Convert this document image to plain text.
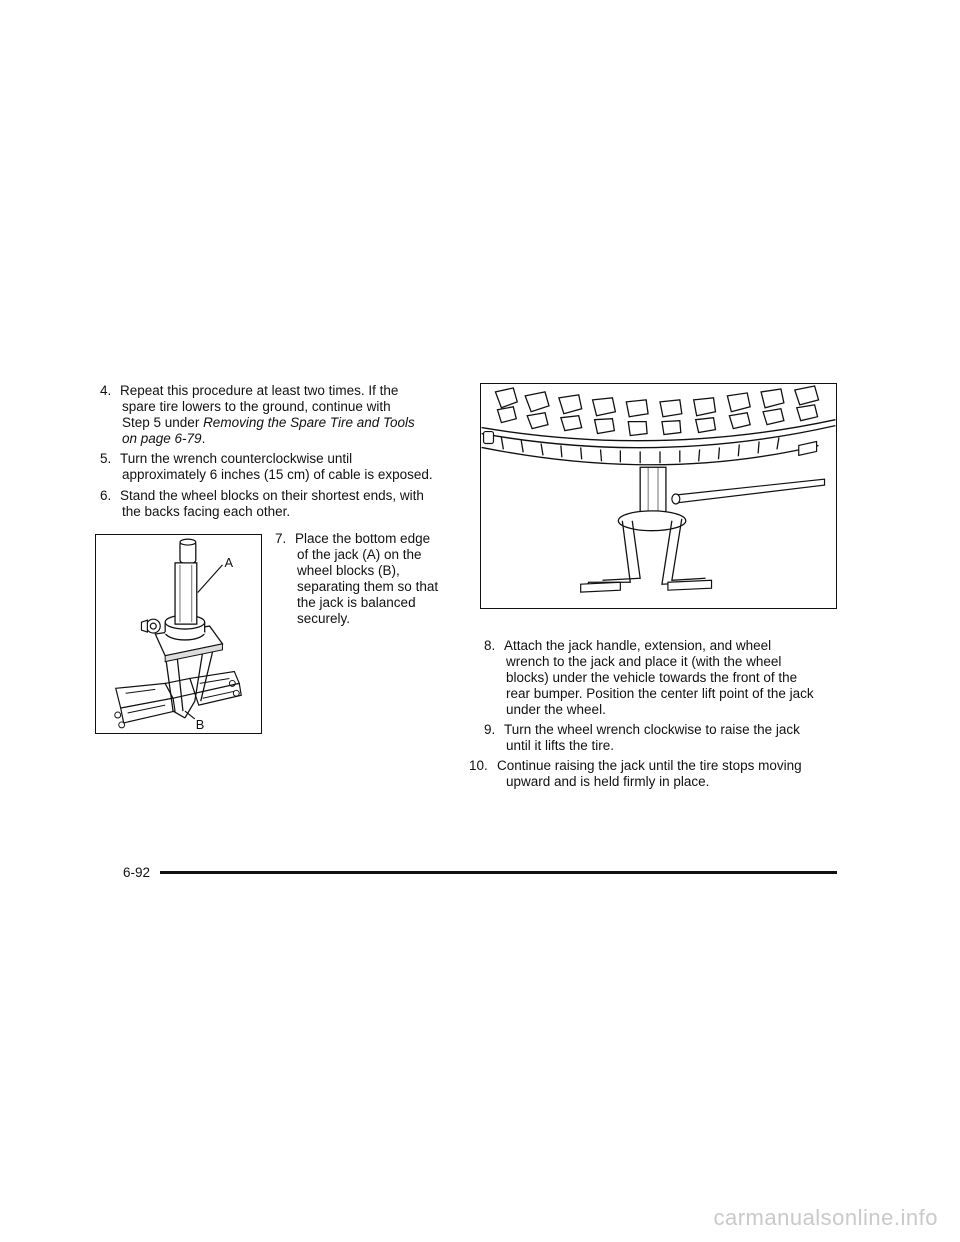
4. Repeat this procedure at least two times. If the
spare tire lowers to the ground, continue with
Step 5 under Removing the Spare Tire and Tools
on page 6-79.
5. Turn the wrench counterclockwise until
approximately 6 inches (15 cm) of cable is exposed.
6. Stand the wheel blocks on their shortest ends, with
the backs facing each other.
A
B
7. Place the bottom edge
of the jack (A) on the
wheel blocks (B),
separating them so that
the jack is balanced
securely.
8. Attach the jack handle, extension, and wheel
wrench to the jack and place it (with the wheel
blocks) under the vehicle towards the front of the
rear bumper. Position the center lift point of the jack
under the wheel.
9. Turn the wheel wrench clockwise to raise the jack
until it lifts the tire.
10. Continue raising the jack until the tire stops moving
upward and is held firmly in place.
6-92
carmanualsonline.info
